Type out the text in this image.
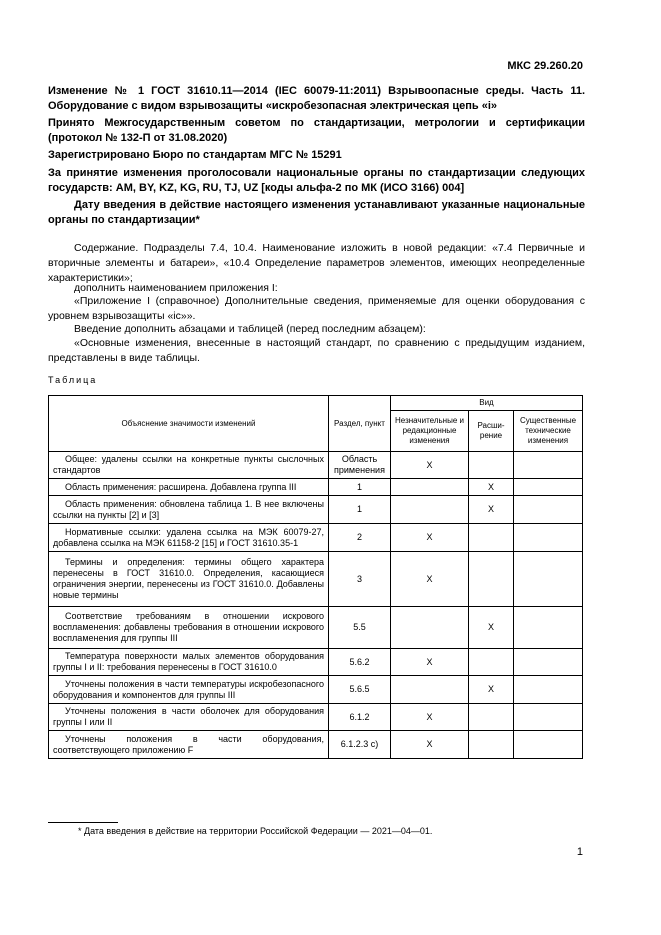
МКС 29.260.20
Изменение № 1 ГОСТ 31610.11—2014 (IEC 60079-11:2011) Взрывоопасные среды. Часть 11. Оборудование с видом взрывозащиты «искробезопасная электрическая цепь «i»
Принято Межгосударственным советом по стандартизации, метрологии и сертификации (протокол № 132-П от 31.08.2020)
Зарегистрировано Бюро по стандартам МГС № 15291
За принятие изменения проголосовали национальные органы по стандартизации следующих государств: AM, BY, KZ, KG, RU, TJ, UZ [коды альфа-2 по МК (ИСО 3166) 004]
Дату введения в действие настоящего изменения устанавливают указанные национальные органы по стандартизации*
Содержание. Подразделы 7.4, 10.4. Наименование изложить в новой редакции: «7.4 Первичные и вторичные элементы и батареи», «10.4 Определение параметров элементов, имеющих неопределенные характеристики»;
дополнить наименованием приложения I:
«Приложение I (справочное) Дополнительные сведения, применяемые для оценки оборудования с уровнем взрывозащиты «ic»».
Введение дополнить абзацами и таблицей (перед последним абзацем):
«Основные изменения, внесенные в настоящий стандарт, по сравнению с предыдущим изданием, представлены в виде таблицы.
Таблица
Объяснение значимости изменений	Раздел, пункт	Вид		
		Незначительные и редакционные изменения	Расши-рение	Существенные технические изменения
Общее: удалены ссылки на конкретные пункты сыслочных стандартов	Область применения	X		
Область применения: расширена. Добавлена группа III	1		X	
Область применения: обновлена таблица 1. В нее включены ссылки на пункты [2] и [3]	1		X	
Нормативные ссылки: удалена ссылка на МЭК 60079-27, добавлена ссылка на МЭК 61158-2 [15] и ГОСТ 31610.35-1	2	X		
Термины и определения: термины общего характера перенесены в ГОСТ 31610.0. Определения, касающиеся ограничения энергии, перенесены из ГОСТ 31610.0. Добавлены новые термины	3	X		
Соответствие требованиям в отношении искрового воспламенения: добавлены требования в отношении искрового воспламенения для группы III	5.5		X	
Температура поверхности малых элементов оборудования группы I и II: требования перенесены в ГОСТ 31610.0	5.6.2	X		
Уточнены положения в части температуры искробезопасного оборудования и компонентов для группы III	5.6.5		X	
Уточнены положения в части оболочек для оборудования группы I или II	6.1.2	X		
Уточнены положения в части оборудования, соответствующего приложению F	6.1.2.3 с)	X		
* Дата введения в действие на территории Российской Федерации — 2021—04—01.
1
